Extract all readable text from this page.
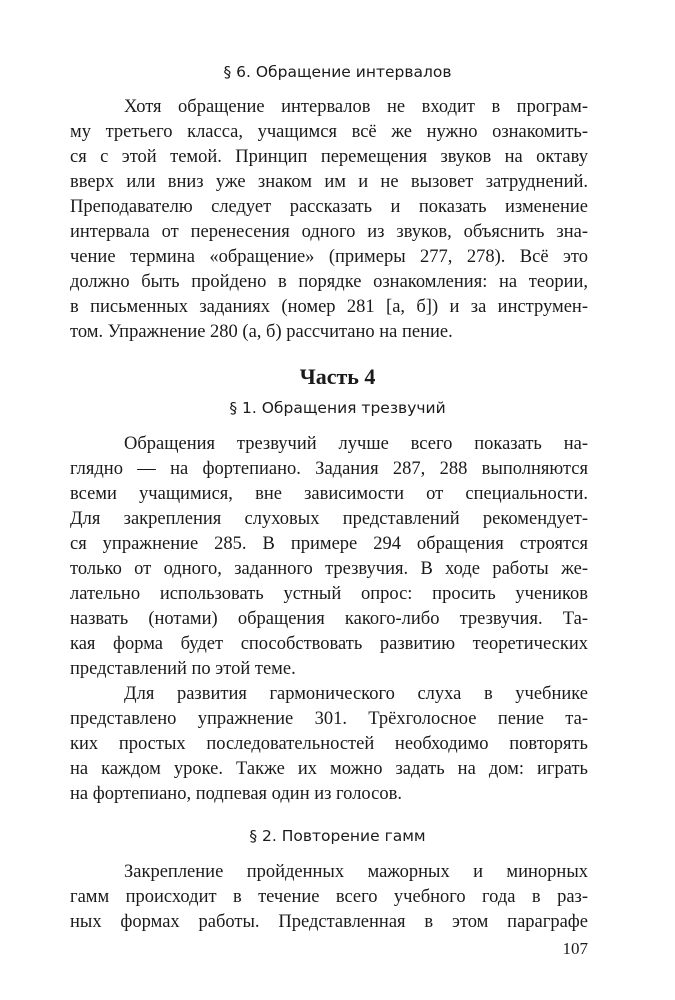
§ 6. Обращение интервалов
Хотя обращение интервалов не входит в програм-
му третьего класса, учащимся всё же нужно ознакомить-
ся с этой темой. Принцип перемещения звуков на октаву
вверх или вниз уже знаком им и не вызовет затруднений.
Преподавателю следует рассказать и показать изменение
интервала от перенесения одного из звуков, объяснить зна-
чение термина «обращение» (примеры 277, 278). Всё это
должно быть пройдено в порядке ознакомления: на теории,
в письменных заданиях (номер 281 [а, б]) и за инструмен-
том. Упражнение 280 (а, б) рассчитано на пение.
Часть 4
§ 1. Обращения трезвучий
Обращения трезвучий лучше всего показать на-
глядно — на фортепиано. Задания 287, 288 выполняются
всеми учащимися, вне зависимости от специальности.
Для закрепления слуховых представлений рекомендует-
ся упражнение 285. В примере 294 обращения строятся
только от одного, заданного трезвучия. В ходе работы же-
лательно использовать устный опрос: просить учеников
назвать (нотами) обращения какого-либо трезвучия. Та-
кая форма будет способствовать развитию теоретических
представлений по этой теме.
Для развития гармонического слуха в учебнике
представлено упражнение 301. Трёхголосное пение та-
ких простых последовательностей необходимо повторять
на каждом уроке. Также их можно задать на дом: играть
на фортепиано, подпевая один из голосов.
§ 2. Повторение гамм
Закрепление пройденных мажорных и минорных
гамм происходит в течение всего учебного года в раз-
ных формах работы. Представленная в этом параграфе
107
